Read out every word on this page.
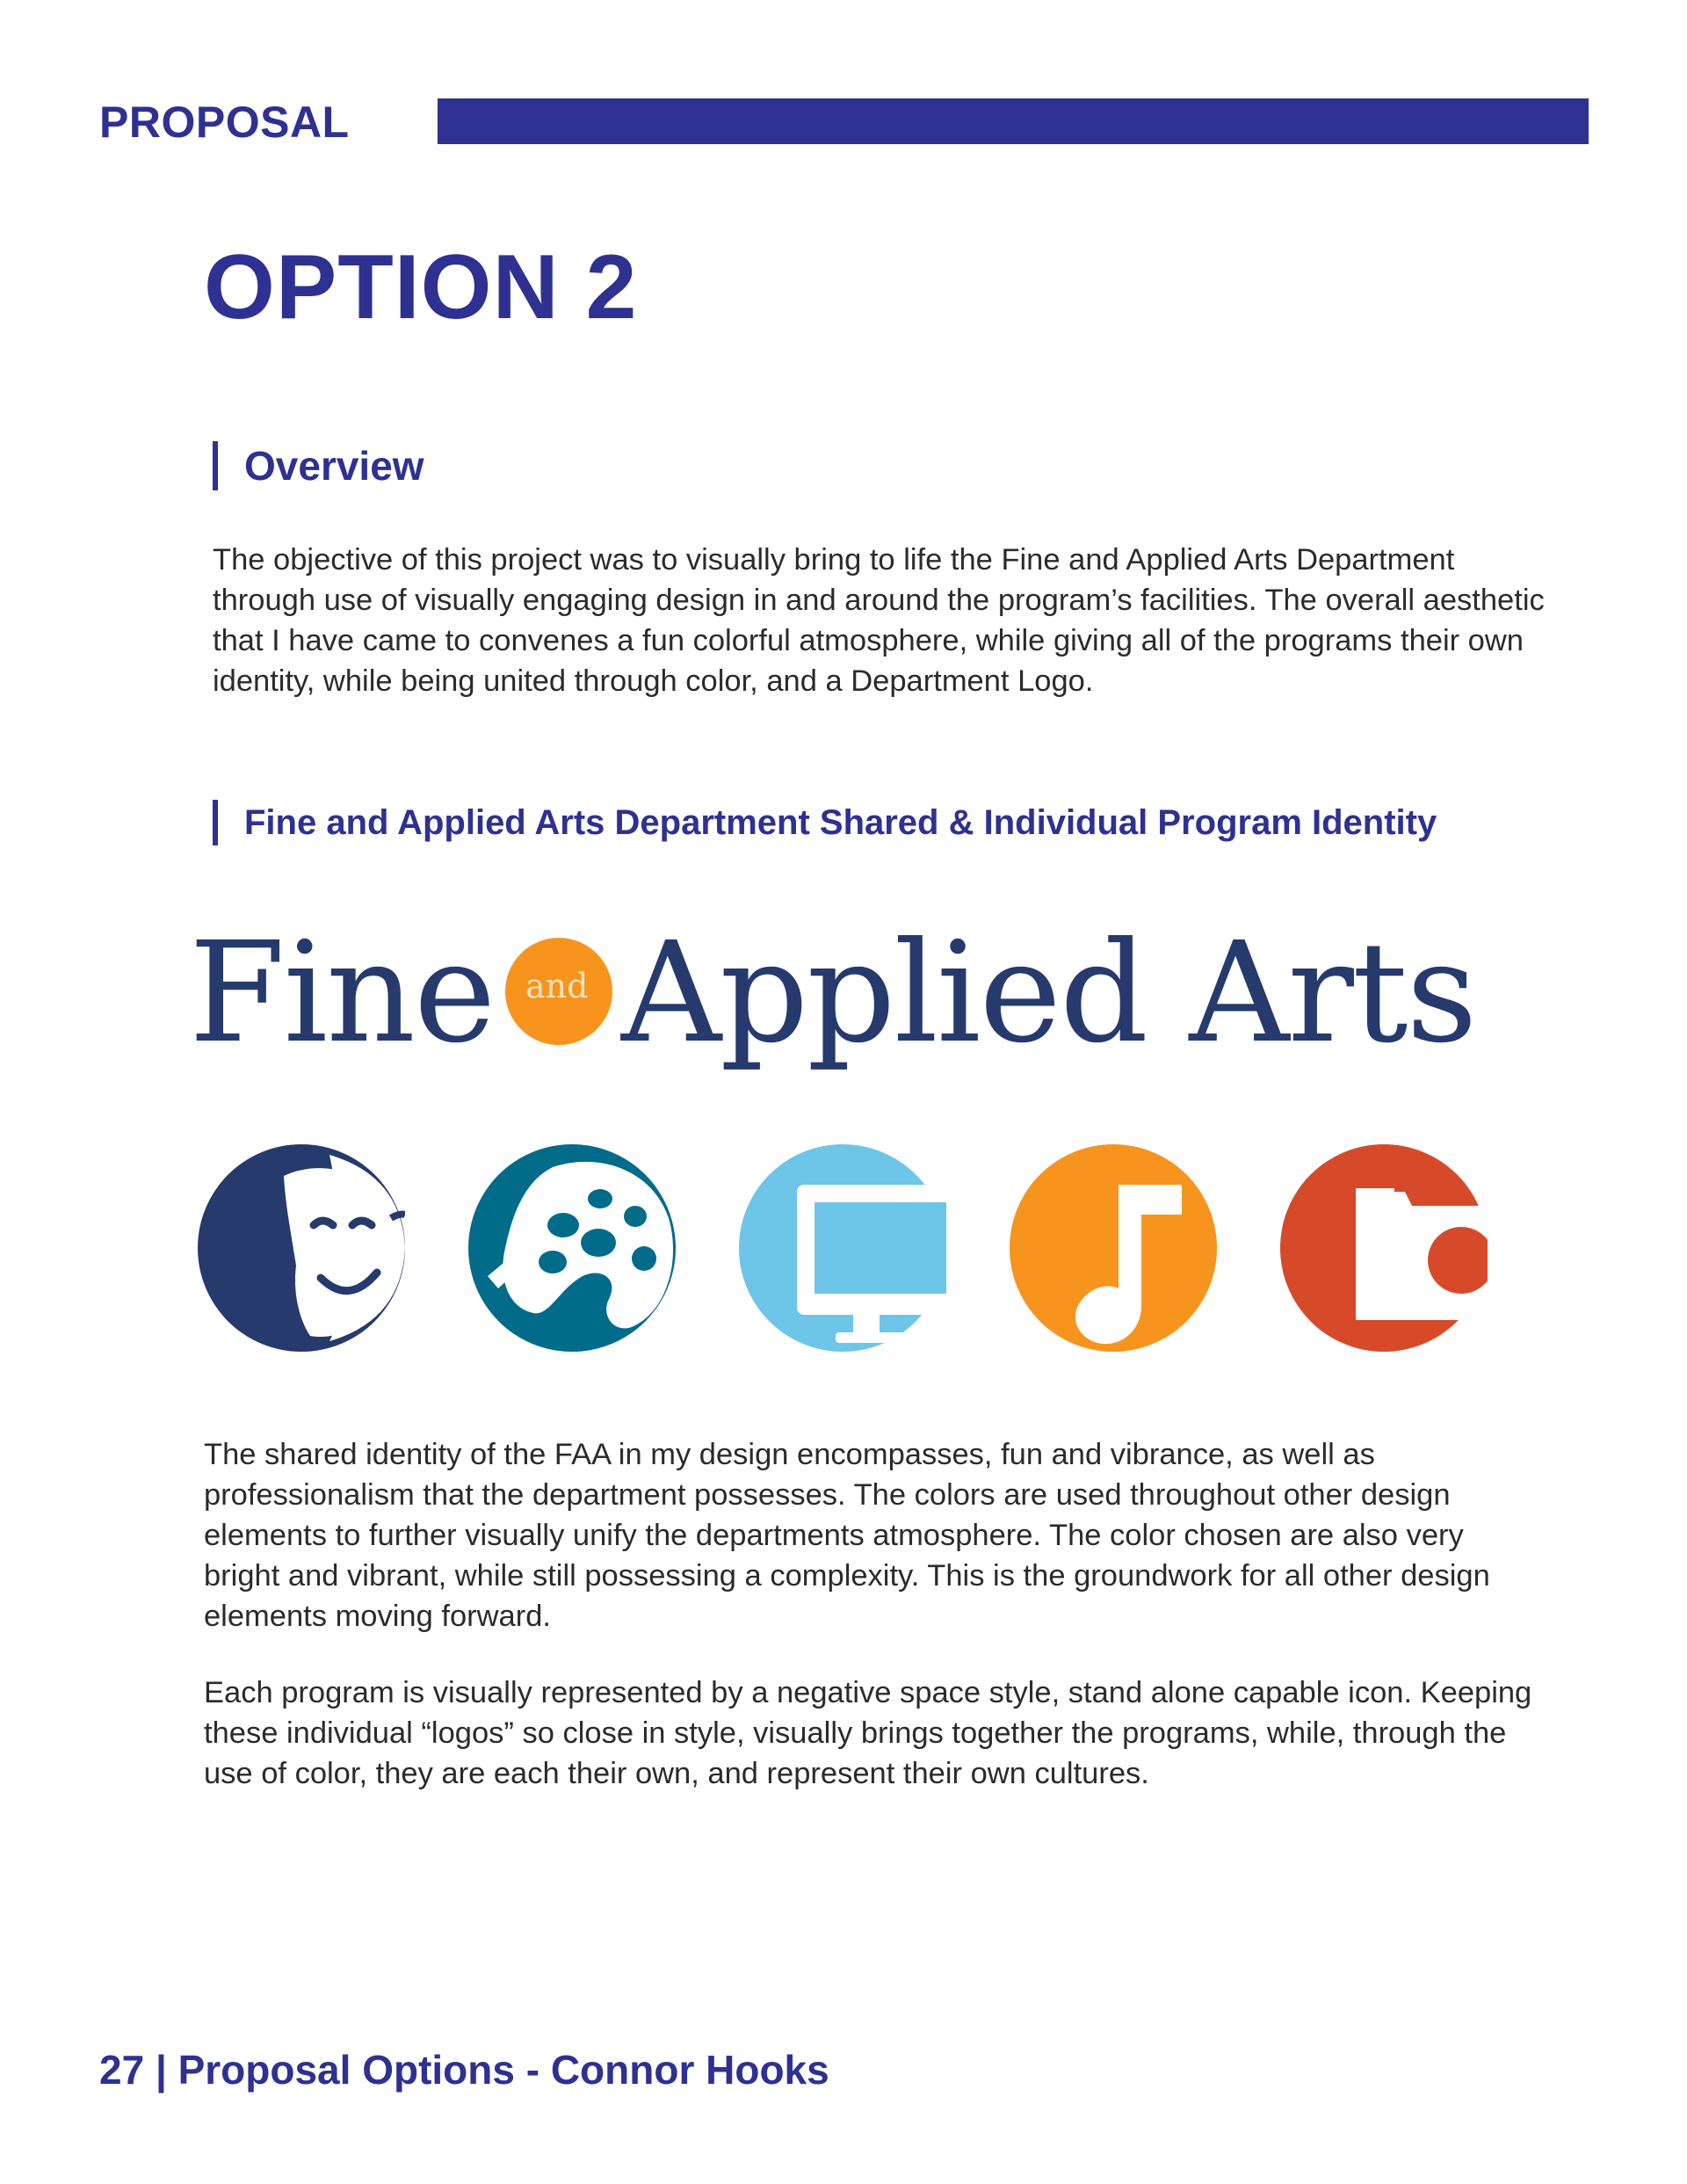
PROPOSAL
OPTION 2
Overview

The objective of this project was to visually bring to life the Fine and Applied Arts Department through use of visually engaging design in and around the program’s facilities. The overall aesthetic that I have came to convenes a fun colorful atmosphere, while giving all of the programs their own identity, while being united through color, and a Department Logo.

Fine and Applied Arts Department Shared & Individual Program Identity
Fine and Applied Arts

The shared identity of the FAA in my design encompasses, fun and vibrance, as well as professionalism that the department possesses. The colors are used throughout other design elements to further visually unify the departments atmosphere. The color chosen are also very bright and vibrant, while still possessing a complexity. This is the groundwork for all other design elements moving forward.

Each program is visually represented by a negative space style, stand alone capable icon. Keeping these individual “logos” so close in style, visually brings together the programs, while, through the use of color, they are each their own, and represent their own cultures.

27 | Proposal Options - Connor Hooks
